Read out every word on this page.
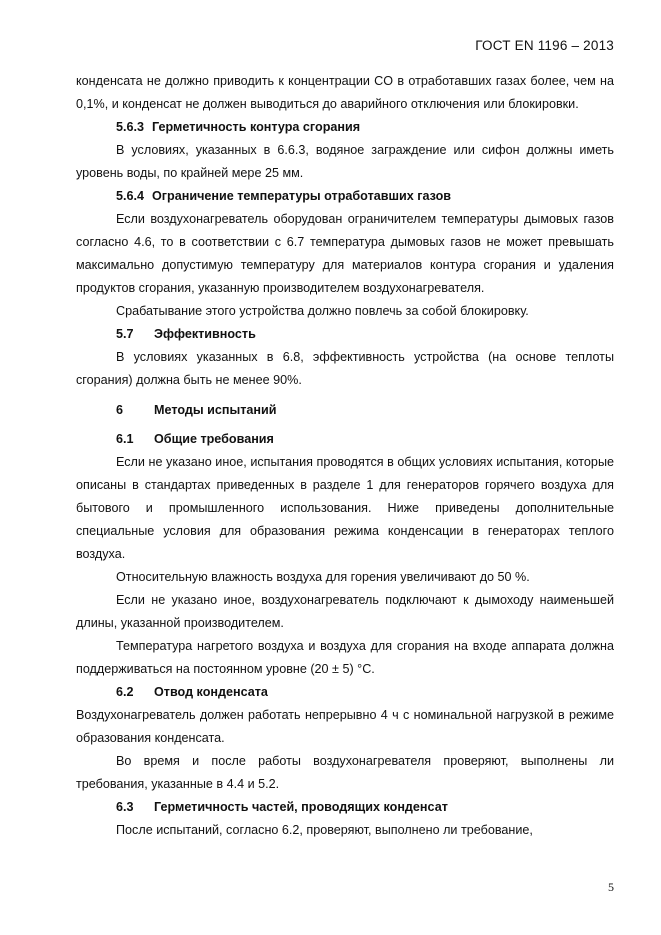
ГОСТ EN 1196 – 2013

конденсата не должно приводить к концентрации CO в отработавших газах более, чем на 0,1%, и конденсат не должен выводиться до аварийного отключения или блокировки.

5.6.3 Герметичность контура сгорания

В условиях, указанных в 6.6.3, водяное заграждение или сифон должны иметь уровень воды, по крайней мере 25 мм.

5.6.4 Ограничение температуры отработавших газов

Если воздухонагреватель оборудован ограничителем температуры дымовых газов согласно 4.6, то в соответствии с 6.7 температура дымовых газов не может превышать максимально допустимую температуру для материалов контура сгорания и удаления продуктов сгорания, указанную производителем воздухонагревателя.

Срабатывание этого устройства должно повлечь за собой блокировку.

5.7 Эффективность

В условиях указанных в 6.8, эффективность устройства (на основе теплоты сгорания) должна быть не менее 90%.

6 Методы испытаний

6.1 Общие требования

Если не указано иное, испытания проводятся в общих условиях испытания, которые описаны в стандартах приведенных в разделе 1 для генераторов горячего воздуха для бытового и промышленного использования. Ниже приведены дополнительные специальные условия для образования режима конденсации в генераторах теплого воздуха.

Относительную влажность воздуха для горения увеличивают до 50 %.

Если не указано иное, воздухонагреватель подключают к дымоходу наименьшей длины, указанной производителем.

Температура нагретого воздуха и воздуха для сгорания на входе аппарата должна поддерживаться на постоянном уровне (20 ± 5) °С.

6.2 Отвод конденсата

Воздухонагреватель должен работать непрерывно 4 ч с номинальной нагрузкой в режиме образования конденсата.

Во время и после работы воздухонагревателя проверяют, выполнены ли требования, указанные в 4.4 и 5.2.

6.3 Герметичность частей, проводящих конденсат

После испытаний, согласно 6.2, проверяют, выполнено ли требование,

5
